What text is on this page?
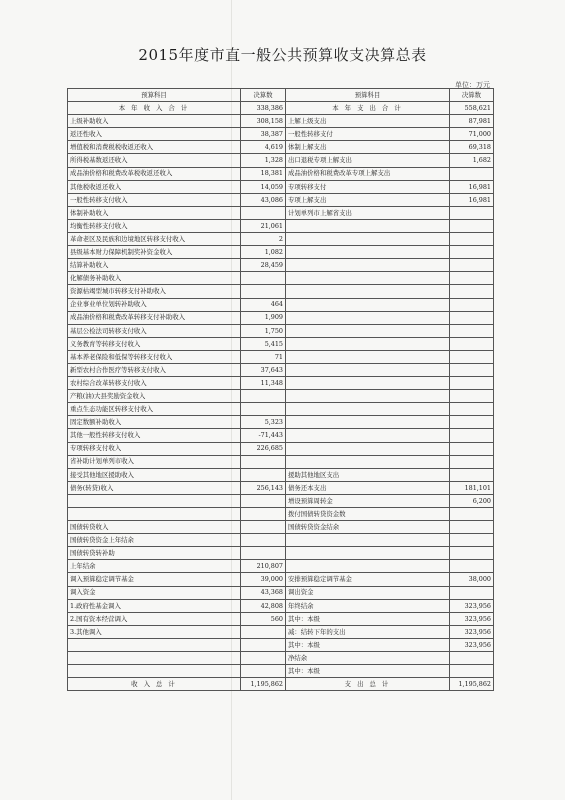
2015年度市直一般公共预算收支决算总表
单位：万元
预算科目	决算数	预算科目	决算数
本 年 收 入 合 计	338,386	本 年 支 出 合 计	558,621
上级补助收入	308,158	上解上级支出	87,981
返还性收入	38,387	一般性转移支付	71,000
增值税和消费税税收返还收入	4,619	体制上解支出	69,318
所得税基数返还收入	1,328	出口退税专项上解支出	1,682
成品油价格和税费改革税收返还收入	18,381	成品油价格和税费改革专项上解支出	
其他税收返还收入	14,059	专项转移支付	16,981
一般性转移支付收入	43,086	专项上解支出	16,981
体制补助收入		计划单列市上解省支出	
均衡性转移支付收入	21,061		
革命老区及民族和边境地区转移支付收入	2		
县级基本财力保障机制奖补资金收入	1,082		
结算补助收入	28,459		
化解债务补助收入			
资源枯竭型城市转移支付补助收入			
企业事业单位划转补助收入	464		
成品油价格和税费改革转移支付补助收入	1,909		
基层公检法司转移支付收入	1,750		
义务教育等转移支付收入	5,415		
基本养老保险和低保等转移支付收入	71		
新型农村合作医疗等转移支付收入	37,643		
农村综合改革转移支付收入	11,348		
产粮(油)大县奖励资金收入			
重点生态功能区转移支付收入			
固定数额补助收入	5,323		
其他一般性转移支付收入	-71,443		
专项转移支付收入	226,685		
省补助计划单列市收入			
接受其他地区援助收入		援助其他地区支出	
债务(转贷)收入	256,143	债务还本支出	181,101
		增设预算周转金	6,200
		拨付国债转贷资金数	
国债转贷收入		国债转贷资金结余	
国债转贷资金上年结余			
国债转贷转补助			
上年结余	210,807		
调入预算稳定调节基金	39,000	安排预算稳定调节基金	38,000
调入资金	43,368	调出资金	
1.政府性基金调入	42,808	年终结余	323,956
2.国有资本经营调入	560	其中：本级	323,956
3.其他调入		减：结转下年的支出	323,956
		其中：本级	323,956
		净结余	
		其中：本级	
收 入 总 计	1,195,862	支 出 总 计	1,195,862
